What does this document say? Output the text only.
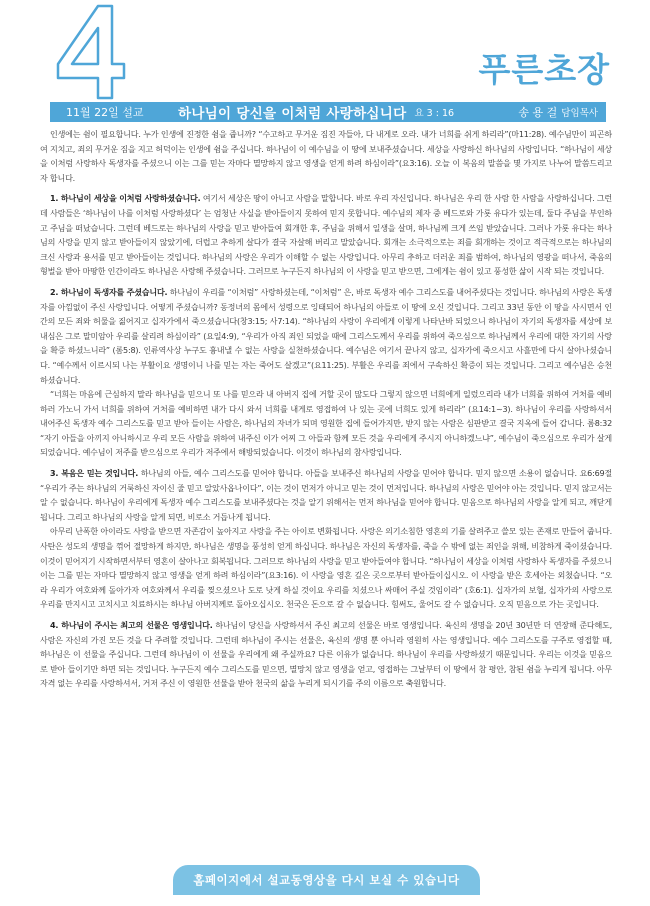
푸른초장
11월 22일 설교	하나님이 당신을 이처럼 사랑하십니다 요 3 : 16	송 용 걸 담임목사

인생에는 쉼이 필요합니다. 누가 인생에 진정한 쉼을 줍니까? “수고하고 무거운 짐진 자들아, 다 내게로 오라. 내가 너희를 쉬게 하리라”(마11:28). 예수님만이 피곤하여 지치고, 죄의 무거운 짐을 지고 허덕이는 인생에 쉼을 주십니다. 하나님이 이 예수님을 이 땅에 보내주셨습니다. 세상을 사랑하신 하나님의 사랑입니다. “하나님이 세상을 이처럼 사랑하사 독생자를 주셨으니 이는 그를 믿는 자마다 멸망하지 않고 영생을 얻게 하려 하심이라”(요3:16). 오늘 이 복음의 말씀을 몇 가지로 나누어 말씀드리고자 합니다.

1. 하나님이 세상을 이처럼 사랑하셨습니다. 여기서 세상은 땅이 아니고 사람을 말합니다. 바로 우리 자신입니다. 하나님은 우리 한 사람 한 사람을 사랑하십니다. 그런데 사람들은 ‘하나님이 나를 이처럼 사랑하셨다’ 는 엄청난 사실을 받아들이지 못하여 믿지 못합니다. 예수님의 제자 중 베드로와 가룟 유다가 있는데, 둘다 주님을 부인하고 주님을 떠났습니다. 그런데 베드로는 하나님의 사랑을 믿고 받아들여 회개한 후, 주님을 위해서 일생을 살며, 하나님께 크게 쓰임 받았습니다. 그러나 가룟 유다는 하나님의 사랑을 믿지 않고 받아들이지 않았기에, 더럽고 추하게 살다가 결국 자살해 버리고 말았습니다. 회개는 소극적으로는 죄를 회개하는 것이고 적극적으로는 하나님의 크신 사랑과 용서를 믿고 받아들이는 것입니다. 하나님의 사랑은 우리가 이해할 수 없는 사랑입니다. 아무리 추하고 더러운 죄를 범하여, 하나님의 영광을 떠나서, 죽음의 형벌을 받아 마땅한 인간이라도 하나님은 사랑해 주셨습니다. 그러므로 누구든지 하나님의 이 사랑을 믿고 받으면, 그에게는 쉼이 있고 풍성한 삶이 시작 되는 것입니다.

2. 하나님이 독생자를 주셨습니다. 하나님이 우리를 “이처럼” 사랑하셨는데, “이처럼” 은, 바로 독생자 예수 그리스도를 내어주셨다는 것입니다. 하나님의 사랑은 독생자를 아낌없이 주신 사랑입니다. 어떻게 주셨습니까? 동정녀의 몸에서 성령으로 잉태되어 하나님의 아들로 이 땅에 오신 것입니다. 그리고 33년 동안 이 땅을 사시면서 인간의 모든 죄와 허물을 짊어지고 십자가에서 죽으셨습니다(창3:15; 사7:14). “하나님의 사랑이 우리에게 이렇게 나타난바 되었으니 하나님이 자기의 독생자를 세상에 보내심은 그로 말미암아 우리를 살리려 하심이라” (요일4:9), “우리가 아직 죄인 되었을 때에 그리스도께서 우리를 위하여 죽으심으로 하나님께서 우리에 대한 자기의 사랑을 확증 하셨느니라” (롬5:8). 인류역사상 누구도 흉내낼 수 없는 사랑을 실천하셨습니다. 예수님은 여기서 끝나지 않고, 십자가에 죽으시고 사흘만에 다시 살아나셨습니다. “예수께서 이르시되 나는 부활이요 생명이니 나를 믿는 자는 죽어도 살겠고”(요11:25). 부활은 우리를 죄에서 구속하신 확증이 되는 것입니다. 그리고 예수님은 승천하셨습니다.

“너희는 마음에 근심하지 말라 하나님을 믿으니 또 나를 믿으라 내 아버지 집에 거할 곳이 많도다 그렇지 않으면 너희에게 일렀으리라 내가 너희를 위하여 거처를 예비하러 가노니 가서 너희를 위하여 거처를 예비하면 내가 다시 와서 너희를 내게로 영접하여 나 있는 곳에 너희도 있게 하리라” (요14:1~3). 하나님이 우리를 사랑하셔서 내어주신 독생자 예수 그리스도를 믿고 받아 들이는 사람은, 하나님의 자녀가 되며 영원한 집에 들어가지만, 받지 않는 사람은 심판받고 결국 지옥에 들어 갑니다. 롬8:32 “자기 아들을 아끼지 아니하시고 우리 모든 사람을 위하여 내주신 이가 어찌 그 아들과 함께 모든 것을 우리에게 주시지 아니하겠느냐”, 예수님이 죽으심으로 우리가 살게 되었습니다. 예수님이 저주를 받으심으로 우리가 저주에서 해방되었습니다. 이것이 하나님의 참사랑입니다.

3. 복음은 믿는 것입니다. 하나님의 아들, 예수 그리스도를 믿어야 합니다. 아들을 보내주신 하나님의 사랑을 믿어야 합니다. 믿지 않으면 소용이 없습니다. 요6:69절 “우리가 주는 하나님의 거룩하신 자이신 줄 믿고 알았사옵나이다”, 이는 것이 먼저가 아니고 믿는 것이 먼저입니다. 하나님의 사랑은 믿어야 아는 것입니다. 믿지 않고서는 알 수 없습니다. 하나님이 우리에게 독생자 예수 그리스도를 보내주셨다는 것을 알기 위해서는 먼저 하나님을 믿어야 합니다. 믿음으로 하나님의 사랑을 알게 되고, 깨닫게 됩니다. 그리고 하나님의 사랑을 알게 되면, 비로소 거듭나게 됩니다.

아무리 난폭한 아이라도 사랑을 받으면 자존감이 높아지고 사랑을 주는 아이로 변화됩니다. 사랑은 의기소침한 영혼의 기를 살려주고 쓸모 있는 존재로 만들어 줍니다. 사탄은 성도의 생명을 꺾어 절망하게 하지만, 하나님은 생명을 풍성히 얻게 하십니다. 하나님은 자신의 독생자를, 죽을 수 밖에 없는 죄인을 위해, 비참하게 죽이셨습니다. 이것이 믿어지기 시작하면서부터 영혼이 살아나고 회복됩니다. 그러므로 하나님의 사랑을 믿고 받아들여야 합니다. “하나님이 세상을 이처럼 사랑하사 독생자를 주셨으니 이는 그를 믿는 자마다 멸망하지 않고 영생을 얻게 하려 하심이라”(요3:16). 이 사랑을 영혼 깊은 곳으로부터 받아들이십시오. 이 사랑을 받은 호세아는 외쳤습니다. “오라 우리가 여호와께 돌아가자 여호와께서 우리를 찢으셨으나 도로 낫게 하실 것이요 우리를 치셨으나 싸매어 주실 것임이라” (호6:1). 십자가의 보혈, 십자가의 사랑으로 우리를 만지시고 고치시고 치료하시는 하나님 아버지께로 돌아오십시오. 천국은 돈으로 갈 수 없습니다. 힘써도, 울어도 갈 수 없습니다. 오직 믿음으로 가는 곳입니다.

4. 하나님이 주시는 최고의 선물은 영생입니다. 하나님이 당신을 사랑하셔서 주신 최고의 선물은 바로 영생입니다. 육신의 생명을 20년 30년만 더 연장해 준다해도, 사람은 자신의 가진 모든 것을 다 주려할 것입니다. 그런데 하나님이 주시는 선물은, 육신의 생명 뿐 아니라 영원히 사는 영생입니다. 예수 그리스도를 구주로 영접할 때, 하나님은 이 선물을 주십니다. 그런데 하나님이 이 선물을 우리에게 왜 주실까요? 다른 이유가 없습니다. 하나님이 우리를 사랑하셨기 때문입니다. 우리는 이것을 믿음으로 받아 들이기만 하면 되는 것입니다. 누구든지 예수 그리스도를 믿으면, 멸망치 않고 영생을 얻고, 영접하는 그날부터 이 땅에서 참 평안, 참된 쉼을 누리게 됩니다. 아무 자격 없는 우리를 사랑하셔서, 거저 주신 이 영원한 선물을 받아 천국의 삶을 누리게 되시기를 주의 이름으로 축원합니다.

홈페이지에서 설교동영상을 다시 보실 수 있습니다
